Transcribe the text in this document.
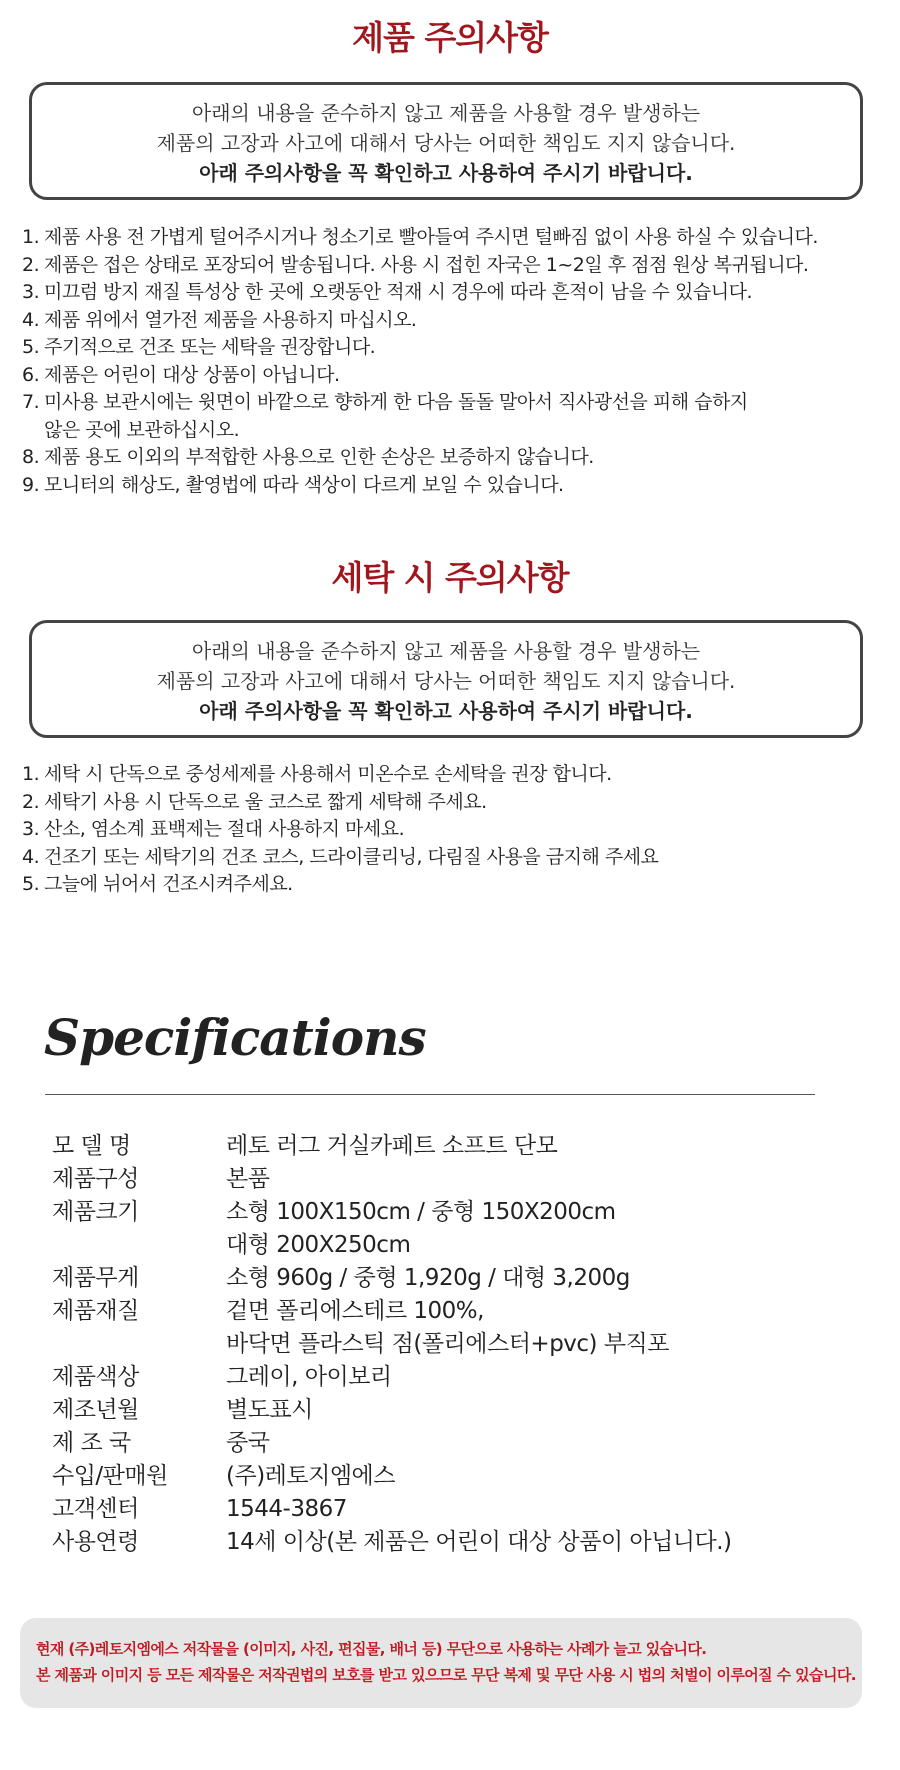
제품 주의사항

아래의 내용을 준수하지 않고 제품을 사용할 경우 발생하는

제품의 고장과 사고에 대해서 당사는 어떠한 책임도 지지 않습니다.

아래 주의사항을 꼭 확인하고 사용하여 주시기 바랍니다.

1. 제품 사용 전 가볍게 털어주시거나 청소기로 빨아들여 주시면 털빠짐 없이 사용 하실 수 있습니다.
2. 제품은 접은 상태로 포장되어 발송됩니다. 사용 시 접힌 자국은 1~2일 후 점점 원상 복귀됩니다.
3. 미끄럼 방지 재질 특성상 한 곳에 오랫동안 적재 시 경우에 따라 흔적이 남을 수 있습니다.
4. 제품 위에서 열가전 제품을 사용하지 마십시오.
5. 주기적으로 건조 또는 세탁을 권장합니다.
6. 제품은 어린이 대상 상품이 아닙니다.
7. 미사용 보관시에는 윗면이 바깥으로 향하게 한 다음 돌돌 말아서 직사광선을 피해 습하지
않은 곳에 보관하십시오.
8. 제품 용도 이외의 부적합한 사용으로 인한 손상은 보증하지 않습니다.
9. 모니터의 해상도, 촬영법에 따라 색상이 다르게 보일 수 있습니다.
세탁 시 주의사항

아래의 내용을 준수하지 않고 제품을 사용할 경우 발생하는

제품의 고장과 사고에 대해서 당사는 어떠한 책임도 지지 않습니다.

아래 주의사항을 꼭 확인하고 사용하여 주시기 바랍니다.

1. 세탁 시 단독으로 중성세제를 사용해서 미온수로 손세탁을 권장 합니다.
2. 세탁기 사용 시 단독으로 울 코스로 짧게 세탁해 주세요.
3. 산소, 염소계 표백제는 절대 사용하지 마세요.
4. 건조기 또는 세탁기의 건조 코스, 드라이클리닝, 다림질 사용을 금지해 주세요
5. 그늘에 뉘어서 건조시켜주세요.
Specifications
모 델 명	레토 러그 거실카페트 소프트 단모
제품구성	본품
제품크기	소형 100X150cm / 중형 150X200cm
대형 200X250cm
제품무게	소형 960g / 중형 1,920g / 대형 3,200g
제품재질	겉면 폴리에스테르 100%,
바닥면 플라스틱 점(폴리에스터+pvc) 부직포
제품색상	그레이, 아이보리
제조년월	별도표시
제 조 국	중국
수입/판매원	(주)레토지엠에스
고객센터	1544-3867
사용연령	14세 이상(본 제품은 어린이 대상 상품이 아닙니다.)

현재 (주)레토지엠에스 저작물을 (이미지, 사진, 편집물, 배너 등) 무단으로 사용하는 사례가 늘고 있습니다.

본 제품과 이미지 등 모든 제작물은 저작권법의 보호를 받고 있으므로 무단 복제 및 무단 사용 시 법의 처벌이 이루어질 수 있습니다.
